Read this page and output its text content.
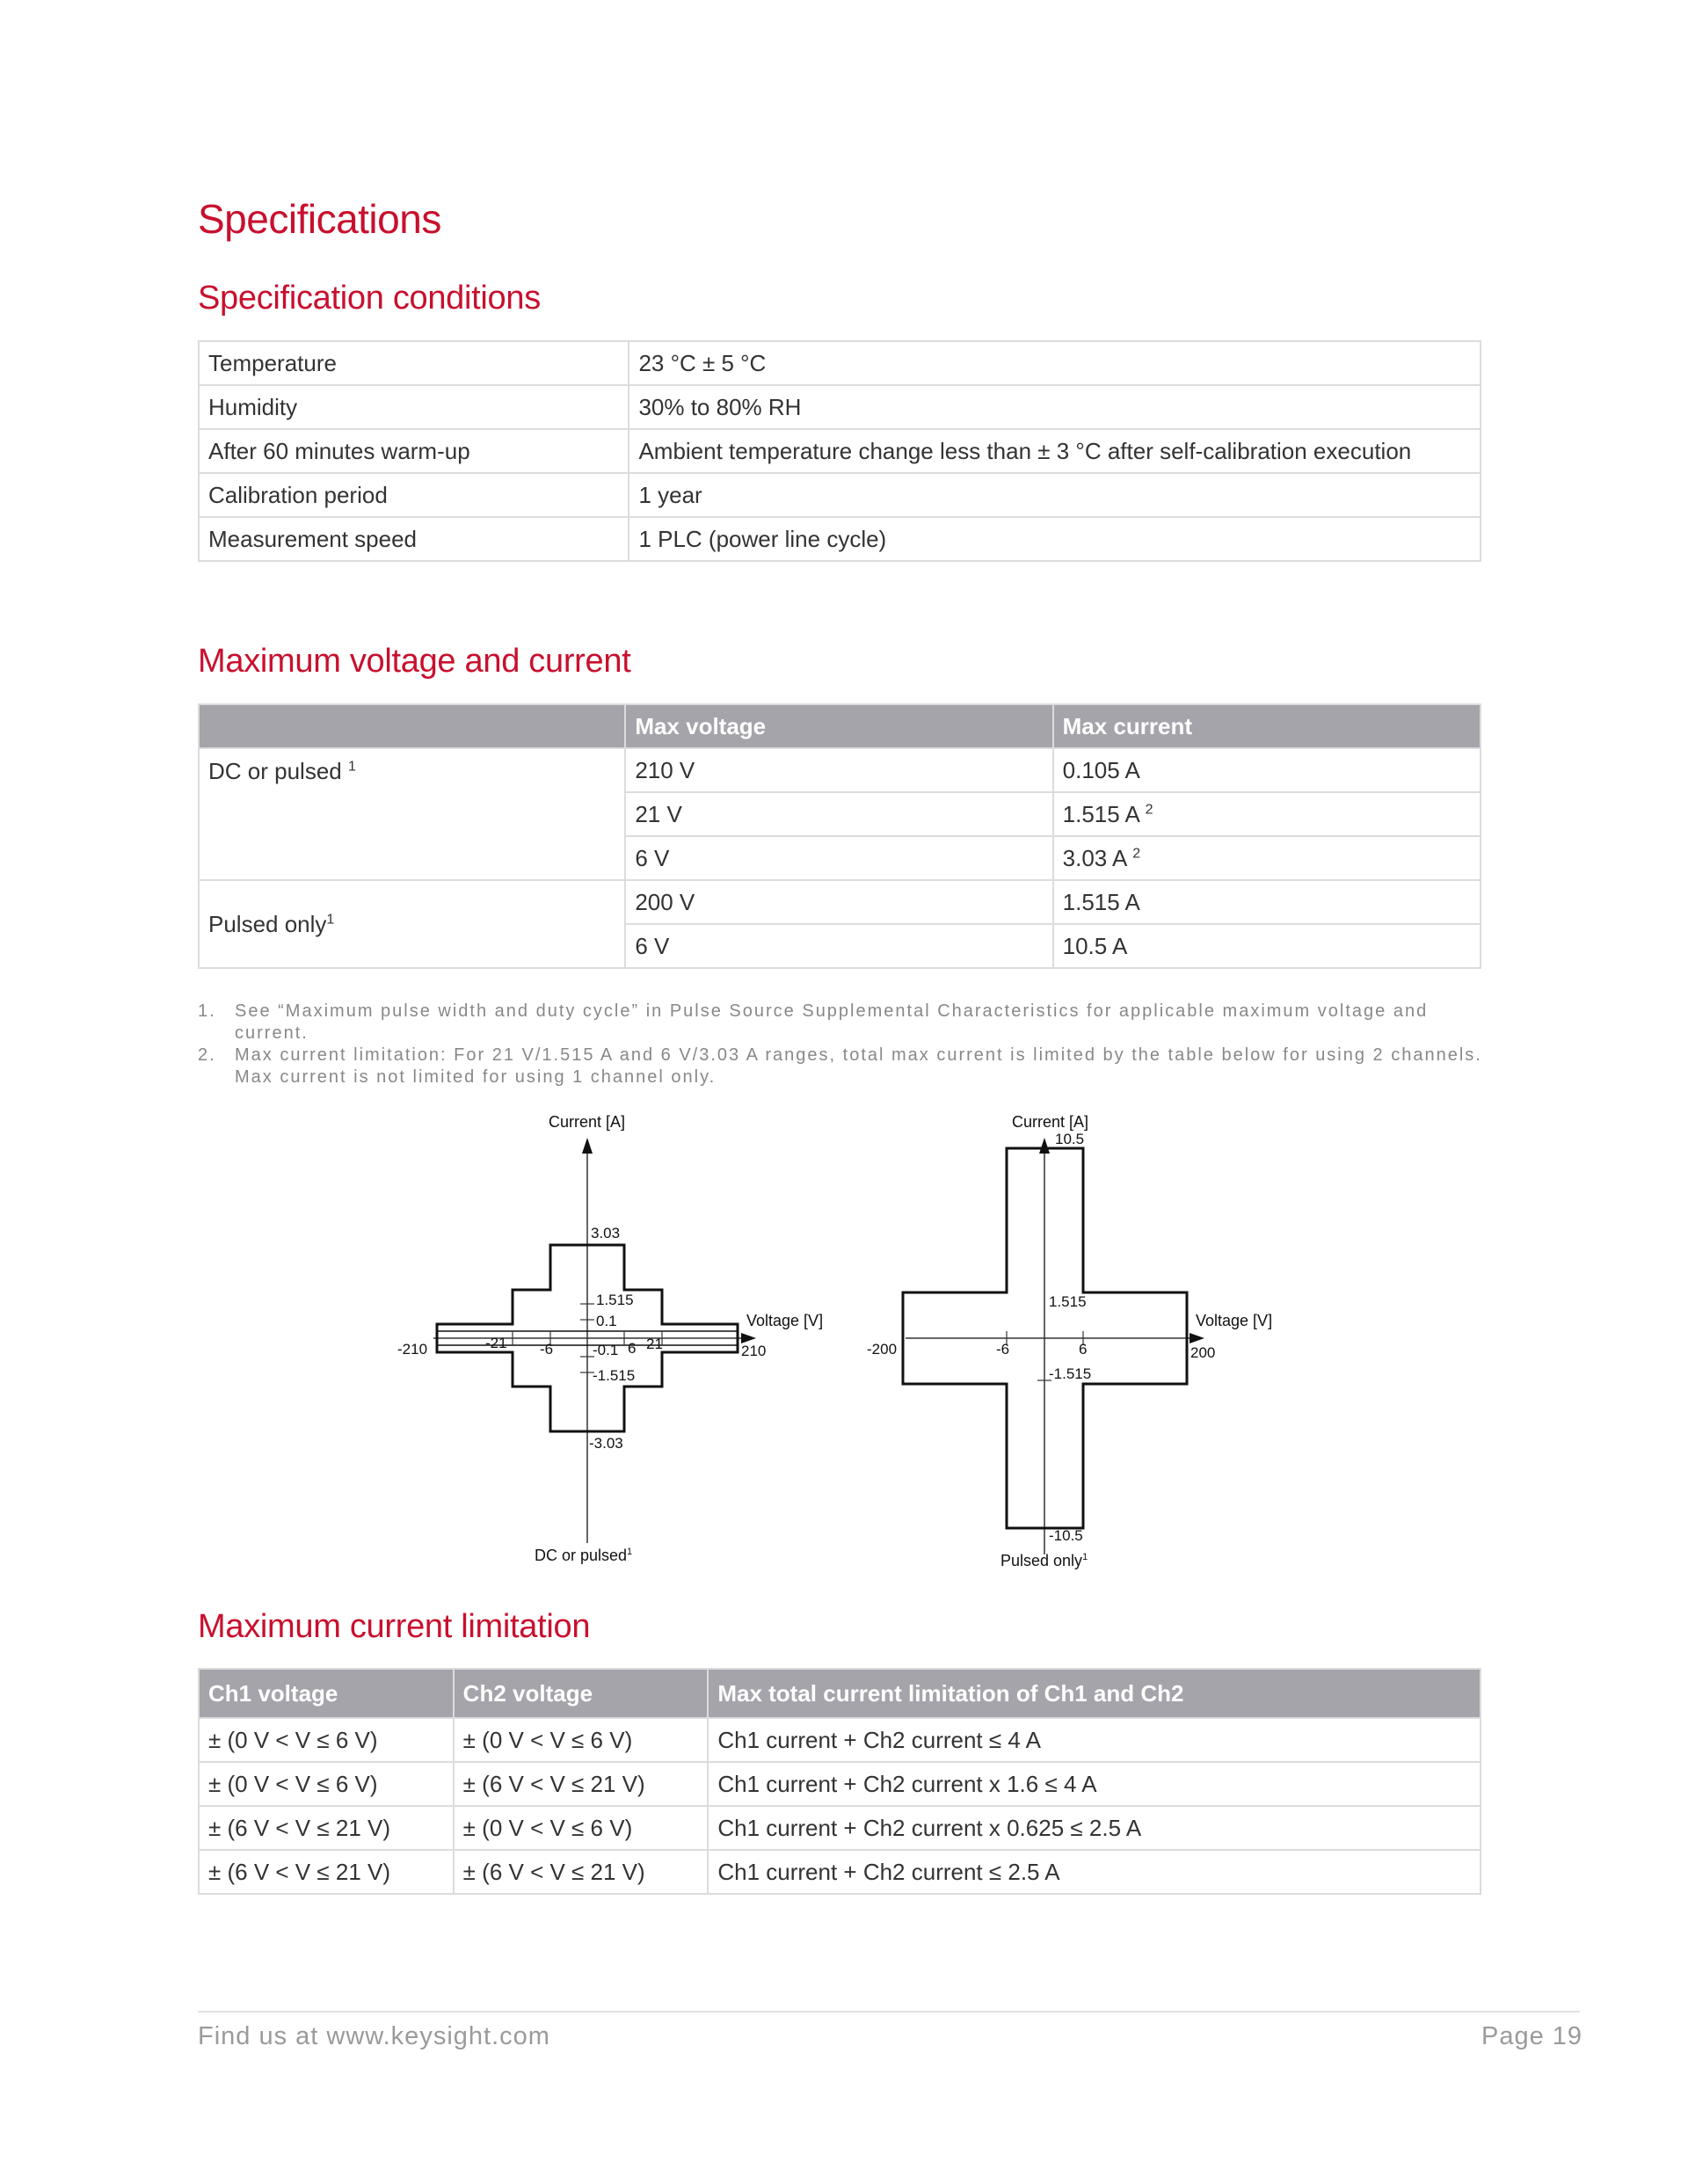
Specifications
Specification conditions
Temperature	23 °C ± 5 °C
Humidity	30% to 80% RH
After 60 minutes warm-up	Ambient temperature change less than ± 3 °C after self-calibration execution
Calibration period	1 year
Measurement speed	1 PLC (power line cycle)
Maximum voltage and current
	Max voltage	Max current
DC or pulsed $^1$	210 V	0.105 A
	21 V	1.515 A $^2$
	6 V	3.03 A $^2$
Pulsed only$^1$	200 V	1.515 A
	6 V	10.5 A
1. See “Maximum pulse width and duty cycle” in Pulse Source Supplemental Characteristics for applicable maximum voltage and current.
2. Max current limitation: For 21 V/1.515 A and 6 V/3.03 A ranges, total max current is limited by the table below for using 2 channels. Max current is not limited for using 1 channel only.
Current [A]
Voltage [V]
3.03
1.515
0.1
-0.1
-1.515
-3.03
-210	-21 -6	6 21	210
DC or pulsed$^1$
Current [A]
10.5
Voltage [V]
1.515
-1.515
-10.5
-200	-6	6	200
Pulsed only$^1$
Maximum current limitation
Ch1 voltage	Ch2 voltage	Max total current limitation of Ch1 and Ch2
± (0 V < V ≤ 6 V)	± (0 V < V ≤ 6 V)	Ch1 current + Ch2 current ≤ 4 A
± (0 V < V ≤ 6 V)	± (6 V < V ≤ 21 V)	Ch1 current + Ch2 current x 1.6 ≤ 4 A
± (6 V < V ≤ 21 V)	± (0 V < V ≤ 6 V)	Ch1 current + Ch2 current x 0.625 ≤ 2.5 A
± (6 V < V ≤ 21 V)	± (6 V < V ≤ 21 V)	Ch1 current + Ch2 current ≤ 2.5 A
Find us at www.keysight.com	Page 19
